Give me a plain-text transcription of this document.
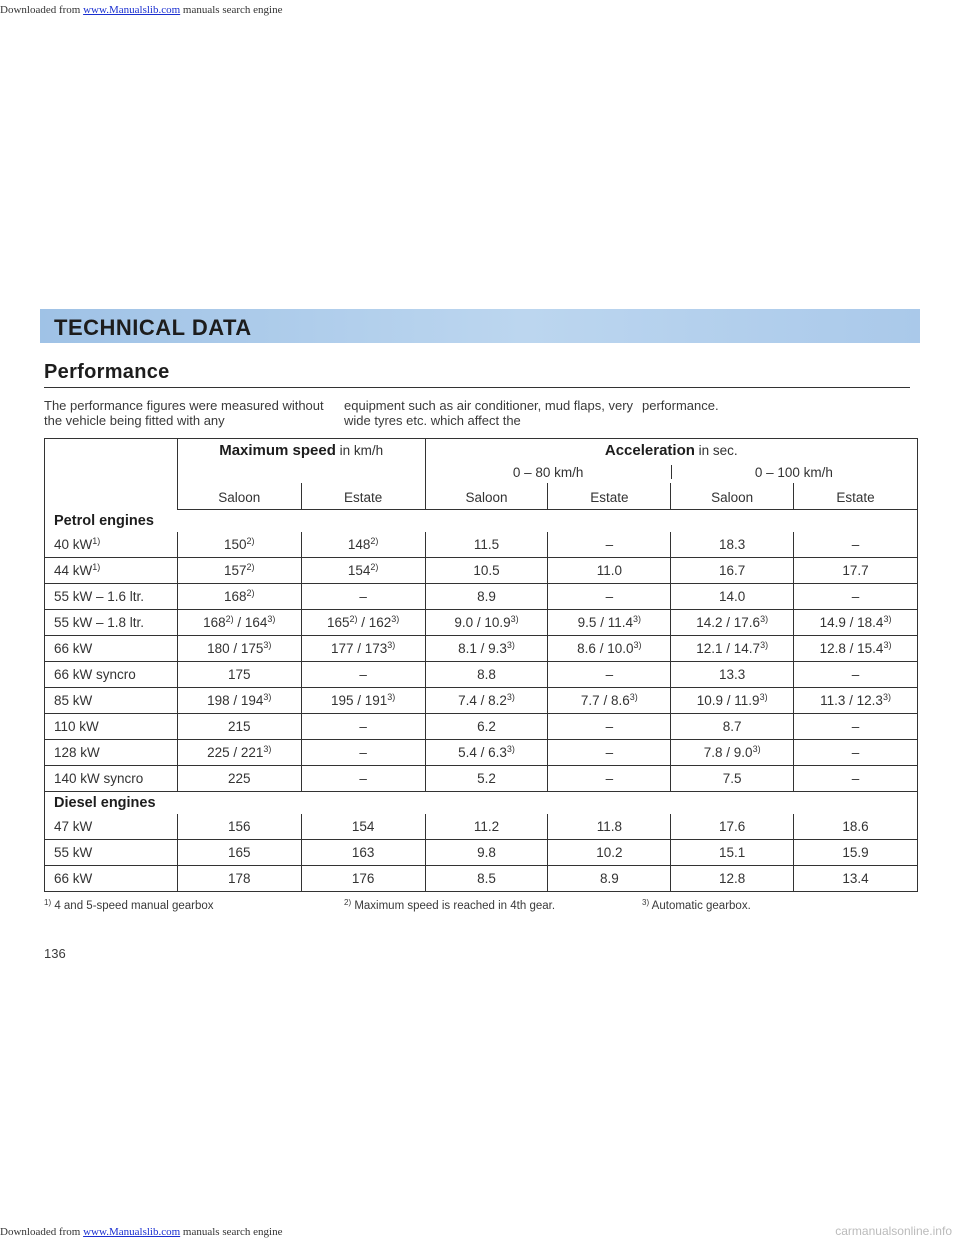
Downloaded from www.Manualslib.com manuals search engine
TECHNICAL DATA
Performance

The performance figures were measured without the vehicle being fitted with any

equipment such as air conditioner, mud flaps, very wide tyres etc. which affect the

performance.

	Maximum speed in km/h		Acceleration in sec.			
			0 – 80 km/h		0 – 100 km/h	
	Saloon	Estate	Saloon	Estate	Saloon	Estate
Petrol engines						
40 $kW^{1)}$	150$^{2)}$	148$^{2)}$	11.5	–	18.3	–
44 $kW^{1)}$	157$^{2)}$	154$^{2)}$	10.5	11.0	16.7	17.7
55 kW – 1.6 ltr.	168$^{2)}$	–	8.9	–	14.0	–
55 kW – 1.8 ltr.	168$^{2)}$ / 164$^{3)}$	165$^{2)}$ / 162$^{3)}$	9.0 / 10.9$^{3)}$	9.5 / 11.4$^{3)}$	14.2 / 17.6$^{3)}$	14.9 / 18.4$^{3)}$
66 kW	180 / 175$^{3)}$	177 / 173$^{3)}$	8.1 / 9.3$^{3)}$	8.6 / 10.0$^{3)}$	12.1 / 14.7$^{3)}$	12.8 / 15.4$^{3)}$
66 kW syncro	175	–	8.8	–	13.3	–
85 kW	198 / 194$^{3)}$	195 / 191$^{3)}$	7.4 / 8.2$^{3)}$	7.7 / 8.6$^{3)}$	10.9 / 11.9$^{3)}$	11.3 / 12.3$^{3)}$
110 kW	215	–	6.2	–	8.7	–
128 kW	225 / 221$^{3)}$	–	5.4 / 6.3$^{3)}$	–	7.8 / 9.0$^{3)}$	–
140 kW syncro	225	–	5.2	–	7.5	–
Diesel engines						
47 kW	156	154	11.2	11.8	17.6	18.6
55 kW	165	163	9.8	10.2	15.1	15.9
66 kW	178	176	8.5	8.9	12.8	13.4

$^{1)}$ 4 and 5-speed manual gearbox	$^{2)}$ Maximum speed is reached in 4th gear.	$^{3)}$ Automatic gearbox.

136

Downloaded from www.Manualslib.com manuals search engine	carmanualsonline.info
